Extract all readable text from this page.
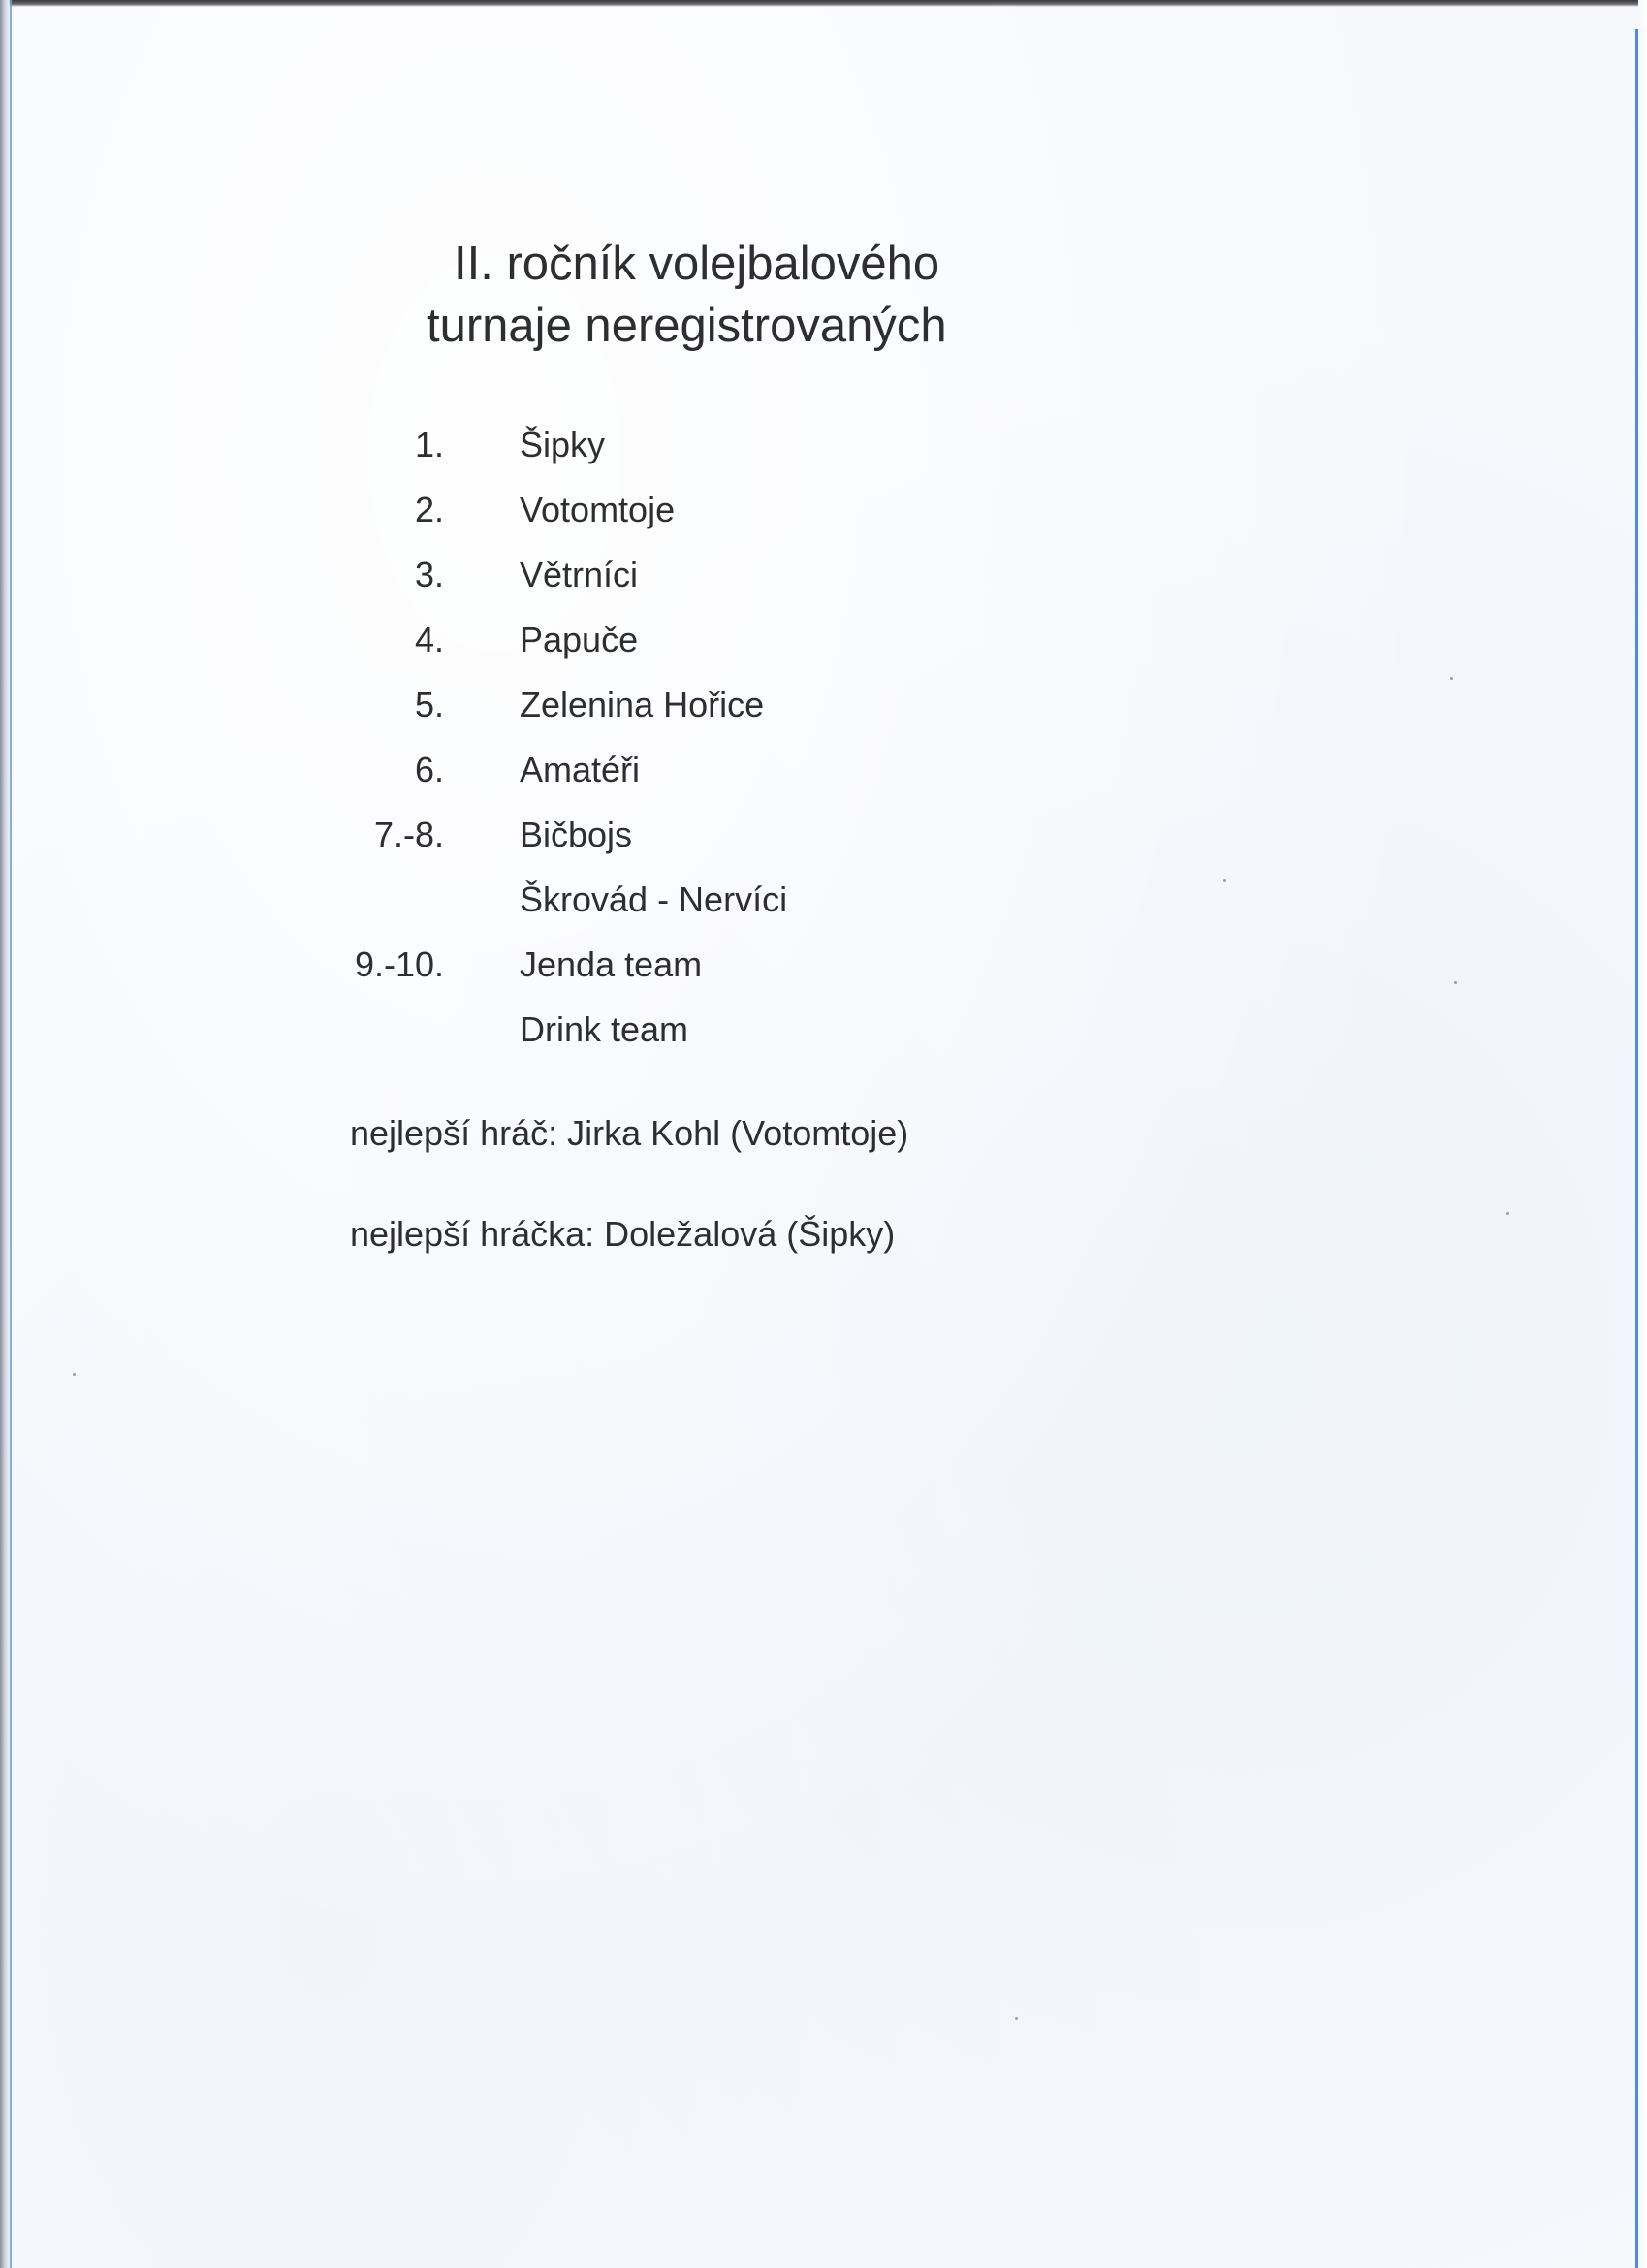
II. ročník volejbalového
turnaje neregistrovaných
1. Šipky
2. Votomtoje
3. Větrníci
4. Papuče
5. Zelenina Hořice
6. Amatéři
7.-8. Bičbojs
Škrovád - Nervíci
9.-10. Jenda team
Drink team

nejlepší hráč: Jirka Kohl (Votomtoje)

nejlepší hráčka: Doležalová (Šipky)
